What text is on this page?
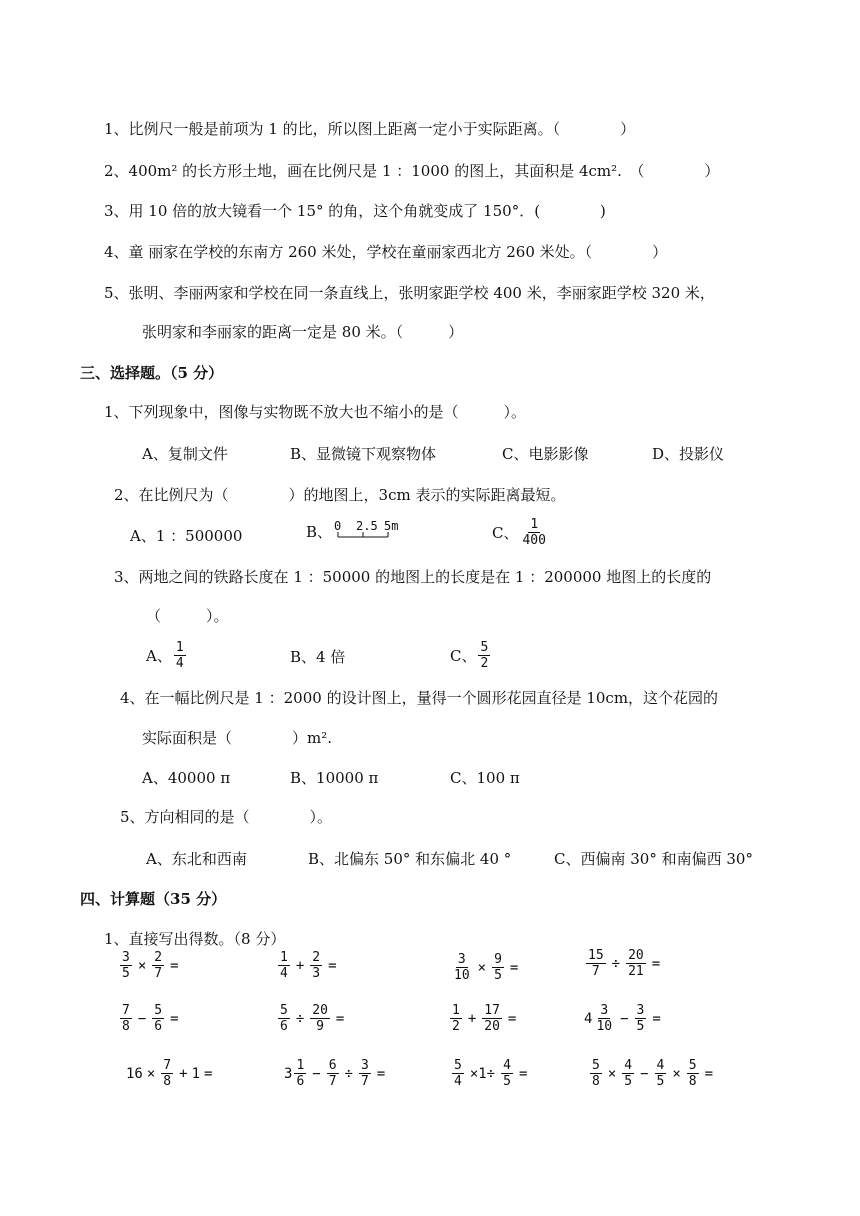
1、比例尺一般是前项为 1 的比，所以图上距离一定小于实际距离。（　　　　）
2、400m² 的长方形土地，画在比例尺是 1 ：1000 的图上，其面积是 4cm².　（　　　　）
3、用 10 倍的放大镜看一个 15° 的角，这个角就变成了 150°．(　　　　)
4、童 丽家在学校的东南方 260 米处，学校在童丽家西北方 260 米处。（　　　　）
5、张明、李丽两家和学校在同一条直线上，张明家距学校 400 米，李丽家距学校 320 米，
张明家和李丽家的距离一定是 80 米。（　　　）
三、选择题。（5 分）
1、下列现象中，图像与实物既不放大也不缩小的是（　　　）。
A、复制文件	B、显微镜下观察物体	C、电影影像	D、投影仪
2、在比例尺为（　　　　）的地图上，3cm 表示的实际距离最短。
A、1 ：500000	B、 0 2.5 5m	C、 $\frac{1}{400}$
3、两地之间的铁路长度在 1 ：50000 的地图上的长度是在 1 ：200000 地图上的长度的
（　　　）。
A、 $\frac{1}{4}$	B、4 倍	C、 $\frac{5}{2}$
4、在一幅比例尺是 1 ：2000 的设计图上，量得一个圆形花园直径是 10cm，这个花园的
实际面积是（　　　　）m².
A、40000 π	B、10000 π	C、100 π
5、方向相同的是（　　　　）。
A、东北和西南	B、北偏东 50° 和东偏北 40 °	C、西偏南 30° 和南偏西 30°
四、计算题（35 分）
1、直接写出得数。（8 分）
$\frac{3}{5} \times \frac{2}{7}$ =	$\frac{1}{4} + \frac{2}{3}$ =	$\frac{3}{10} \times \frac{9}{5}$ =	$\frac{15}{7} \div \frac{20}{21}$ =
$\frac{7}{8} - \frac{5}{6}$ =	$\frac{5}{6} \div \frac{20}{9}$ =	$\frac{1}{2} + \frac{17}{20}$ =	$4 \frac{3}{10} - \frac{3}{5}$ =
$16 \times \frac{7}{8} + 1$ =	$3 \frac{1}{6} - \frac{6}{7} \div \frac{3}{7}$ =	$\frac{5}{4} \times 1\div \frac{4}{5}$ =	$\frac{5}{8} \times \frac{4}{5} - \frac{4}{5} \times \frac{5}{8}$ =
